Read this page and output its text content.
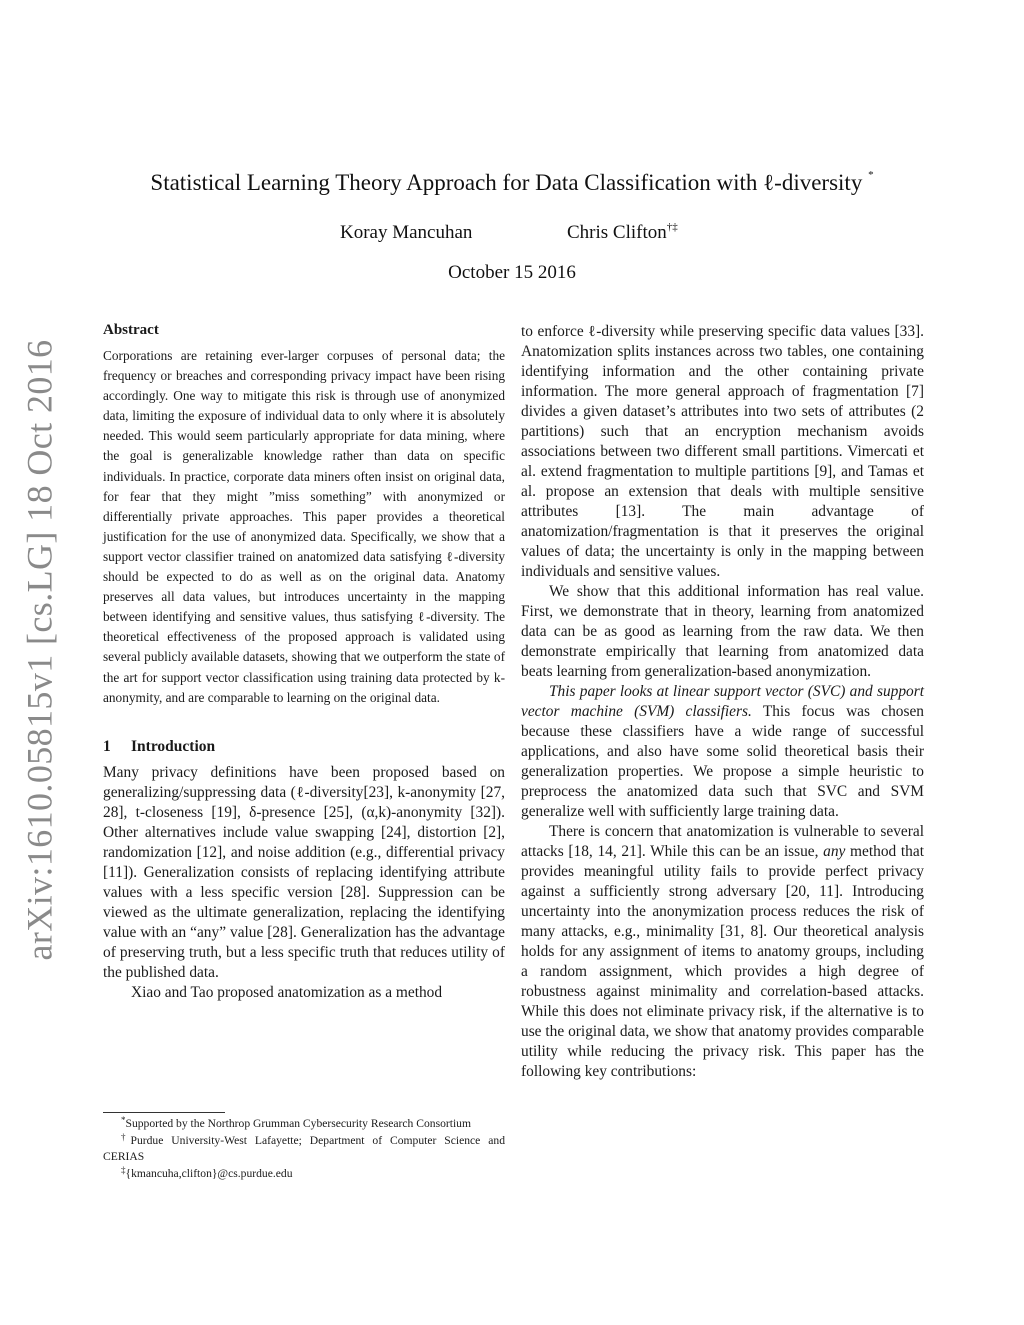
arXiv:1610.05815v1 [cs.LG] 18 Oct 2016
Statistical Learning Theory Approach for Data Classification with ℓ-diversity *
Koray Mancuhan	Chris Clifton†‡
October 15 2016
Abstract

Corporations are retaining ever-larger corpuses of personal data; the frequency or breaches and corresponding privacy impact have been rising accordingly. One way to mitigate this risk is through use of anonymized data, limiting the exposure of individual data to only where it is absolutely needed. This would seem particularly appropriate for data mining, where the goal is generalizable knowledge rather than data on specific individuals. In practice, corporate data miners often insist on original data, for fear that they might ”miss something” with anonymized or differentially private approaches. This paper provides a theoretical justification for the use of anonymized data. Specifically, we show that a support vector classifier trained on anatomized data satisfying ℓ-diversity should be expected to do as well as on the original data. Anatomy preserves all data values, but introduces uncertainty in the mapping between identifying and sensitive values, thus satisfying ℓ-diversity. The theoretical effectiveness of the proposed approach is validated using several publicly available datasets, showing that we outperform the state of the art for support vector classification using training data protected by k-anonymity, and are comparable to learning on the original data.

1 Introduction

Many privacy definitions have been proposed based on generalizing/suppressing data (ℓ-diversity[23], k-anonymity [27, 28], t-closeness [19], δ-presence [25], (α,k)-anonymity [32]). Other alternatives include value swapping [24], distortion [2], randomization [12], and noise addition (e.g., differential privacy [11]). Generalization consists of replacing identifying attribute values with a less specific version [28]. Suppression can be viewed as the ultimate generalization, replacing the identifying value with an “any” value [28]. Generalization has the advantage of preserving truth, but a less specific truth that reduces utility of the published data.

Xiao and Tao proposed anatomization as a method

*Supported by the Northrop Grumman Cybersecurity Research Consortium

†Purdue University-West Lafayette; Department of Computer Science and CERIAS

‡{kmancuha,clifton}@cs.purdue.edu

to enforce ℓ-diversity while preserving specific data values [33]. Anatomization splits instances across two tables, one containing identifying information and the other containing private information. The more general approach of fragmentation [7] divides a given dataset’s attributes into two sets of attributes (2 partitions) such that an encryption mechanism avoids associations between two different small partitions. Vimercati et al. extend fragmentation to multiple partitions [9], and Tamas et al. propose an extension that deals with multiple sensitive attributes [13]. The main advantage of anatomization/fragmentation is that it preserves the original values of data; the uncertainty is only in the mapping between individuals and sensitive values.

We show that this additional information has real value. First, we demonstrate that in theory, learning from anatomized data can be as good as learning from the raw data. We then demonstrate empirically that learning from anatomized data beats learning from generalization-based anonymization.

This paper looks at linear support vector (SVC) and support vector machine (SVM) classifiers. This focus was chosen because these classifiers have a wide range of successful applications, and also have some solid theoretical basis their generalization properties. We propose a simple heuristic to preprocess the anatomized data such that SVC and SVM generalize well with sufficiently large training data.

There is concern that anatomization is vulnerable to several attacks [18, 14, 21]. While this can be an issue, any method that provides meaningful utility fails to provide perfect privacy against a sufficiently strong adversary [20, 11]. Introducing uncertainty into the anonymization process reduces the risk of many attacks, e.g., minimality [31, 8]. Our theoretical analysis holds for any assignment of items to anatomy groups, including a random assignment, which provides a high degree of robustness against minimality and correlation-based attacks. While this does not eliminate privacy risk, if the alternative is to use the original data, we show that anatomy provides comparable utility while reducing the privacy risk. This paper has the following key contributions:
